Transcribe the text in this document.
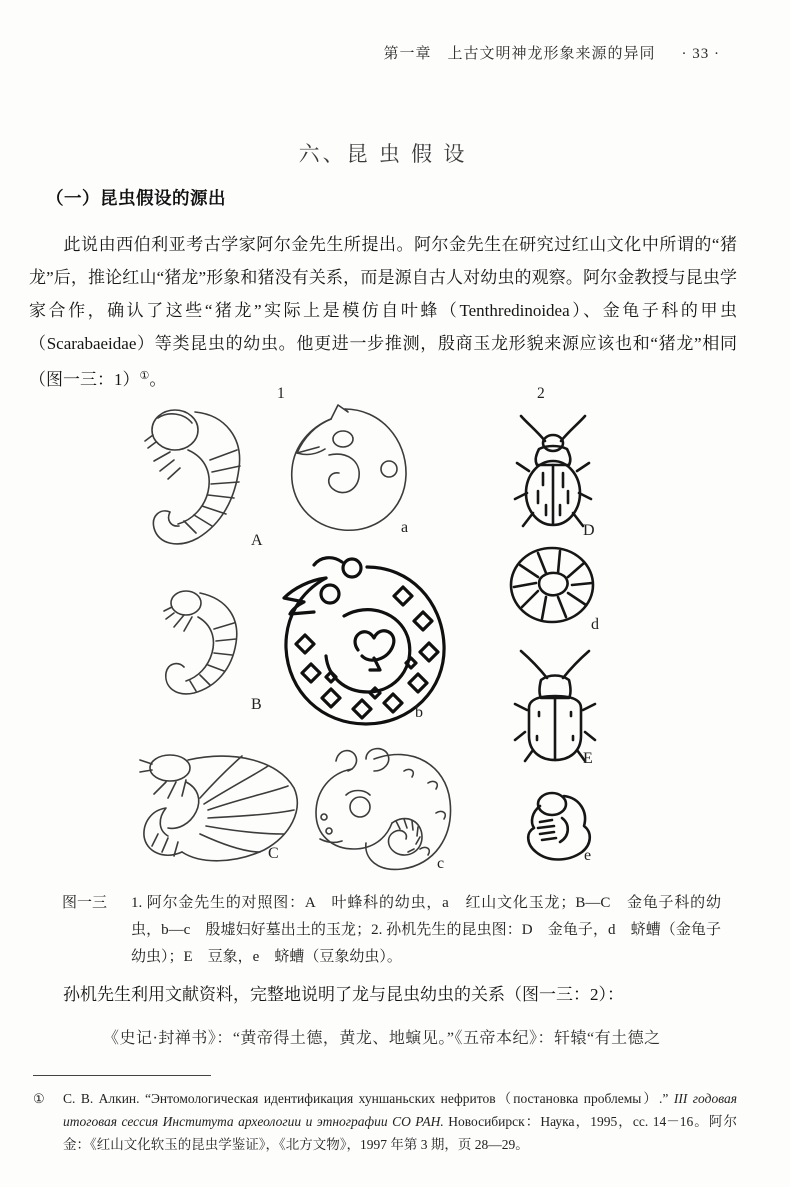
第一章　上古文明神龙形象来源的异同 · 33 ·
六、昆 虫 假 设
（一）昆虫假设的源出
此说由西伯利亚考古学家阿尔金先生所提出。阿尔金先生在研究过红山文化中所谓的“猪龙”后，推论红山“猪龙”形象和猪没有关系，而是源自古人对幼虫的观察。阿尔金教授与昆虫学家合作，确认了这些“猪龙”实际上是模仿自叶蜂（Tenthredinoidea）、金龟子科的甲虫（Scarabaeidae）等类昆虫的幼虫。他更进一步推测，殷商玉龙形貌来源应该也和“猪龙”相同（图一三：1）①。
1	2
A
a	D
B	b
d
E
C
c	e
图一三	1. 阿尔金先生的对照图：A　叶蜂科的幼虫，a　红山文化玉龙；B—C　金龟子科的幼虫，b—c　殷墟妇好墓出土的玉龙；2. 孙机先生的昆虫图：D　金龟子，d　蛴螬（金龟子幼虫）；E　豆象，e　蛴螬（豆象幼虫）。
孙机先生利用文献资料，完整地说明了龙与昆虫幼虫的关系（图一三：2）：
《史记·封禅书》：“黄帝得土德，黄龙、地螾见。”《五帝本纪》：轩辕“有土德之
①	С. В. Алкин. “Энтомологическая идентификация хуншаньских нефритов（постановка проблемы）.” III годовая итоговая сессия Института археологии и этнографии СО РАН. Новосибирск：Наука，1995，cc. 14－16。阿尔金：《红山文化软玉的昆虫学鉴证》，《北方文物》，1997 年第 3 期，页 28—29。
